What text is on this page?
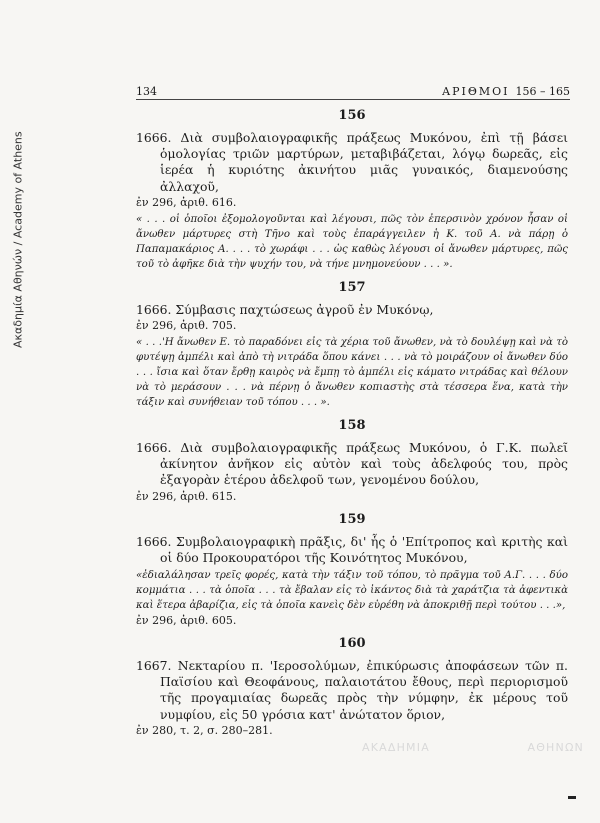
Ακαδημία Αθηνών / Academy of Athens
134	ΑΡΙΘΜΟΙ 156 – 165
156
1666. Διὰ συμβολαιογραφικῆς πράξεως Μυκόνου, ἐπὶ τῇ βάσει ὁμολογίας τριῶν μαρτύρων, μεταβιβάζεται, λόγῳ δωρεᾶς, εἰς ἱερέα ἡ κυριότης ἀκινήτου μιᾶς γυναικός, διαμενούσης ἀλλαχοῦ,
ἐν 296, ἀριθ. 616.
« . . . οἱ ὁποῖοι ἐξομολογοῦνται καὶ λέγουσι, πῶς τὸν ἐπερσινὸν χρόνον ἦσαν οἱ ἄνωθεν μάρτυρες στὴ Τῆνο καὶ τοὺς ἐπαράγγειλεν ἡ Κ. τοῦ Α. νὰ πάρῃ ὁ Παπαμακάριος Α. . . . τὸ χωράφι . . . ὡς καθὼς λέγουσι οἱ ἄνωθεν μάρτυρες, πῶς τοῦ τὸ ἀφῆκε διὰ τὴν ψυχήν του, νὰ τήνε μνημονεύουν . . . ».
157
1666. Σύμβασις παχτώσεως ἀγροῦ ἐν Μυκόνῳ,
ἐν 296, ἀριθ. 705.
« . . .'Η ἄνωθεν Ε. τὸ παραδόνει εἰς τὰ χέρια τοῦ ἄνωθεν, νὰ τὸ δουλέψῃ καὶ νὰ τὸ φυτέψῃ ἀμπέλι καὶ ἀπὸ τὴ νιτράδα ὅπου κάνει . . . νὰ τὸ μοιράζουν οἱ ἄνωθεν δύο . . . ἴσια καὶ ὅταν ἔρθῃ καιρὸς νὰ ἔμπῃ τὸ ἀμπέλι εἰς κάματο νιτράδας καὶ θέλουν νὰ τὸ μεράσουν . . . νὰ πέρνῃ ὁ ἄνωθεν κοπιαστὴς στὰ τέσσερα ἕνα, κατὰ τὴν τάξιν καὶ συνήθειαν τοῦ τόπου . . . ».
158
1666. Διὰ συμβολαιογραφικῆς πράξεως Μυκόνου, ὁ Γ.Κ. πωλεῖ ἀκίνητον ἀνῆκον εἰς αὐτὸν καὶ τοὺς ἀδελφούς του, πρὸς ἐξαγορὰν ἑτέρου ἀδελφοῦ των, γενομένου δούλου,
ἐν 296, ἀριθ. 615.
159
1666. Συμβολαιογραφικὴ πρᾶξις, δι' ἧς ὁ 'Επίτροπος καὶ κριτὴς καὶ οἱ δύο Προκουρατόροι τῆς Κοινότητος Μυκόνου,
«ἐδιαλάλησαν τρεῖς φορές, κατὰ τὴν τάξιν τοῦ τόπου, τὸ πρᾶγμα τοῦ Α.Γ. . . . δύο κομμάτια . . . τὰ ὁποῖα . . . τὰ ἔβαλαν εἰς τὸ ἰκάντος διὰ τὰ χαράτζια τὰ ἀφεντικὰ καὶ ἕτερα ἀβαρίζια, εἰς τὰ ὁποῖα κανεὶς δὲν εὑρέθη νὰ ἀποκριθῇ περὶ τούτου . . .»,
ἐν 296, ἀριθ. 605.
160
1667. Νεκταρίου π. 'Ιεροσολύμων, ἐπικύρωσις ἀποφάσεων τῶν π. Παϊσίου καὶ Θεοφάνους, παλαιοτάτου ἔθους, περὶ περιορισμοῦ τῆς προγαμιαίας δωρεᾶς πρὸς τὴν νύμφην, ἐκ μέρους τοῦ νυμφίου, εἰς 50 γρόσια κατ' ἀνώτατον ὅριον,
ἐν 280, τ. 2, σ. 280–281.
ΑΚΑΔΗΜΙΑ	ΑΘΗΝΩΝ
